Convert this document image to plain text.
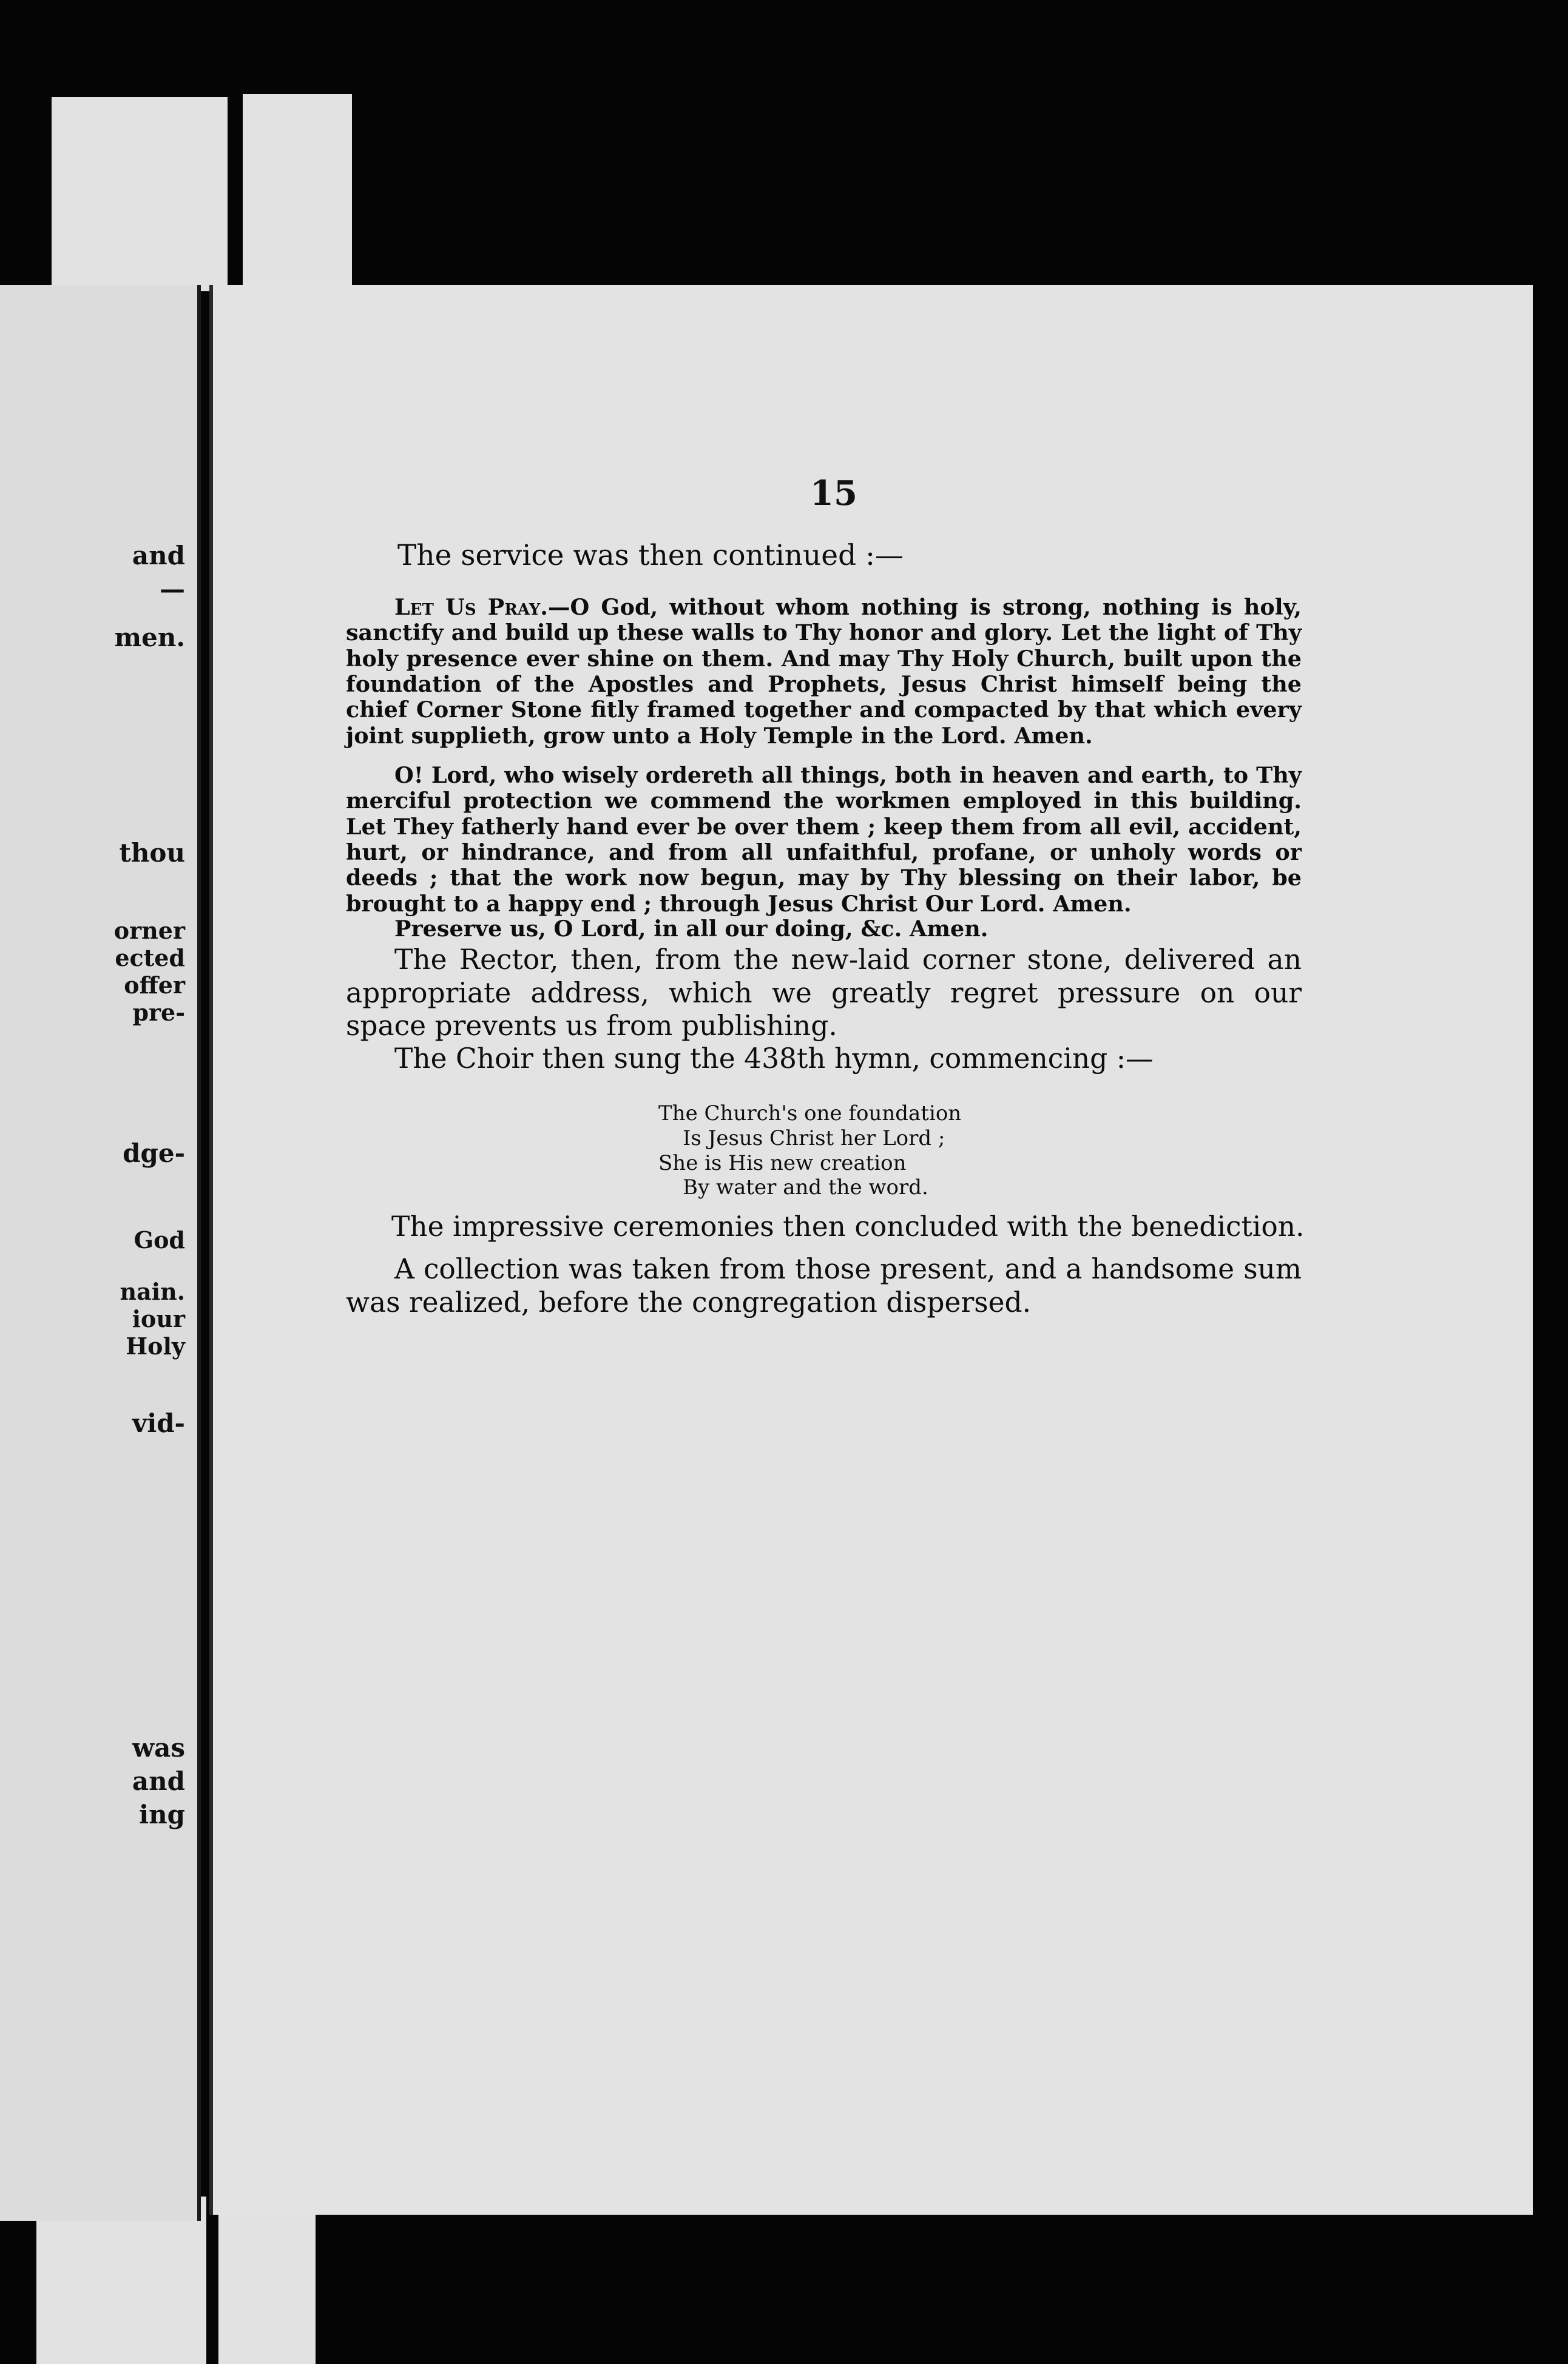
and

—

men.

thou

orner

ected

offer

pre-

dge-

God

nain.

iour

Holy

vid-

was

and

ing

15

The service was then continued :—

Let Us Pray.—O God, without whom nothing is strong, nothing is holy, sanctify and build up these walls to Thy honor and glory. Let the light of Thy holy presence ever shine on them. And may Thy Holy Church, built upon the foundation of the Apostles and Prophets, Jesus Christ himself being the chief Corner Stone fitly framed together and compacted by that which every joint supplieth, grow unto a Holy Temple in the Lord. Amen.

O! Lord, who wisely ordereth all things, both in heaven and earth, to Thy merciful protection we commend the workmen employed in this building. Let They fatherly hand ever be over them ; keep them from all evil, accident, hurt, or hindrance, and from all unfaithful, profane, or unholy words or deeds ; that the work now begun, may by Thy blessing on their labor, be brought to a happy end ; through Jesus Christ Our Lord. Amen.

Preserve us, O Lord, in all our doing, &c. Amen.

The Rector, then, from the new-laid corner stone, delivered an appropriate address, which we greatly regret pressure on our space prevents us from publishing.

The Choir then sung the 438th hymn, commencing :—

The Church's one foundation
Is Jesus Christ her Lord ;
She is His new creation
By water and the word.

The impressive ceremonies then concluded with the benediction.

A collection was taken from those present, and a handsome sum was realized, before the congregation dispersed.
